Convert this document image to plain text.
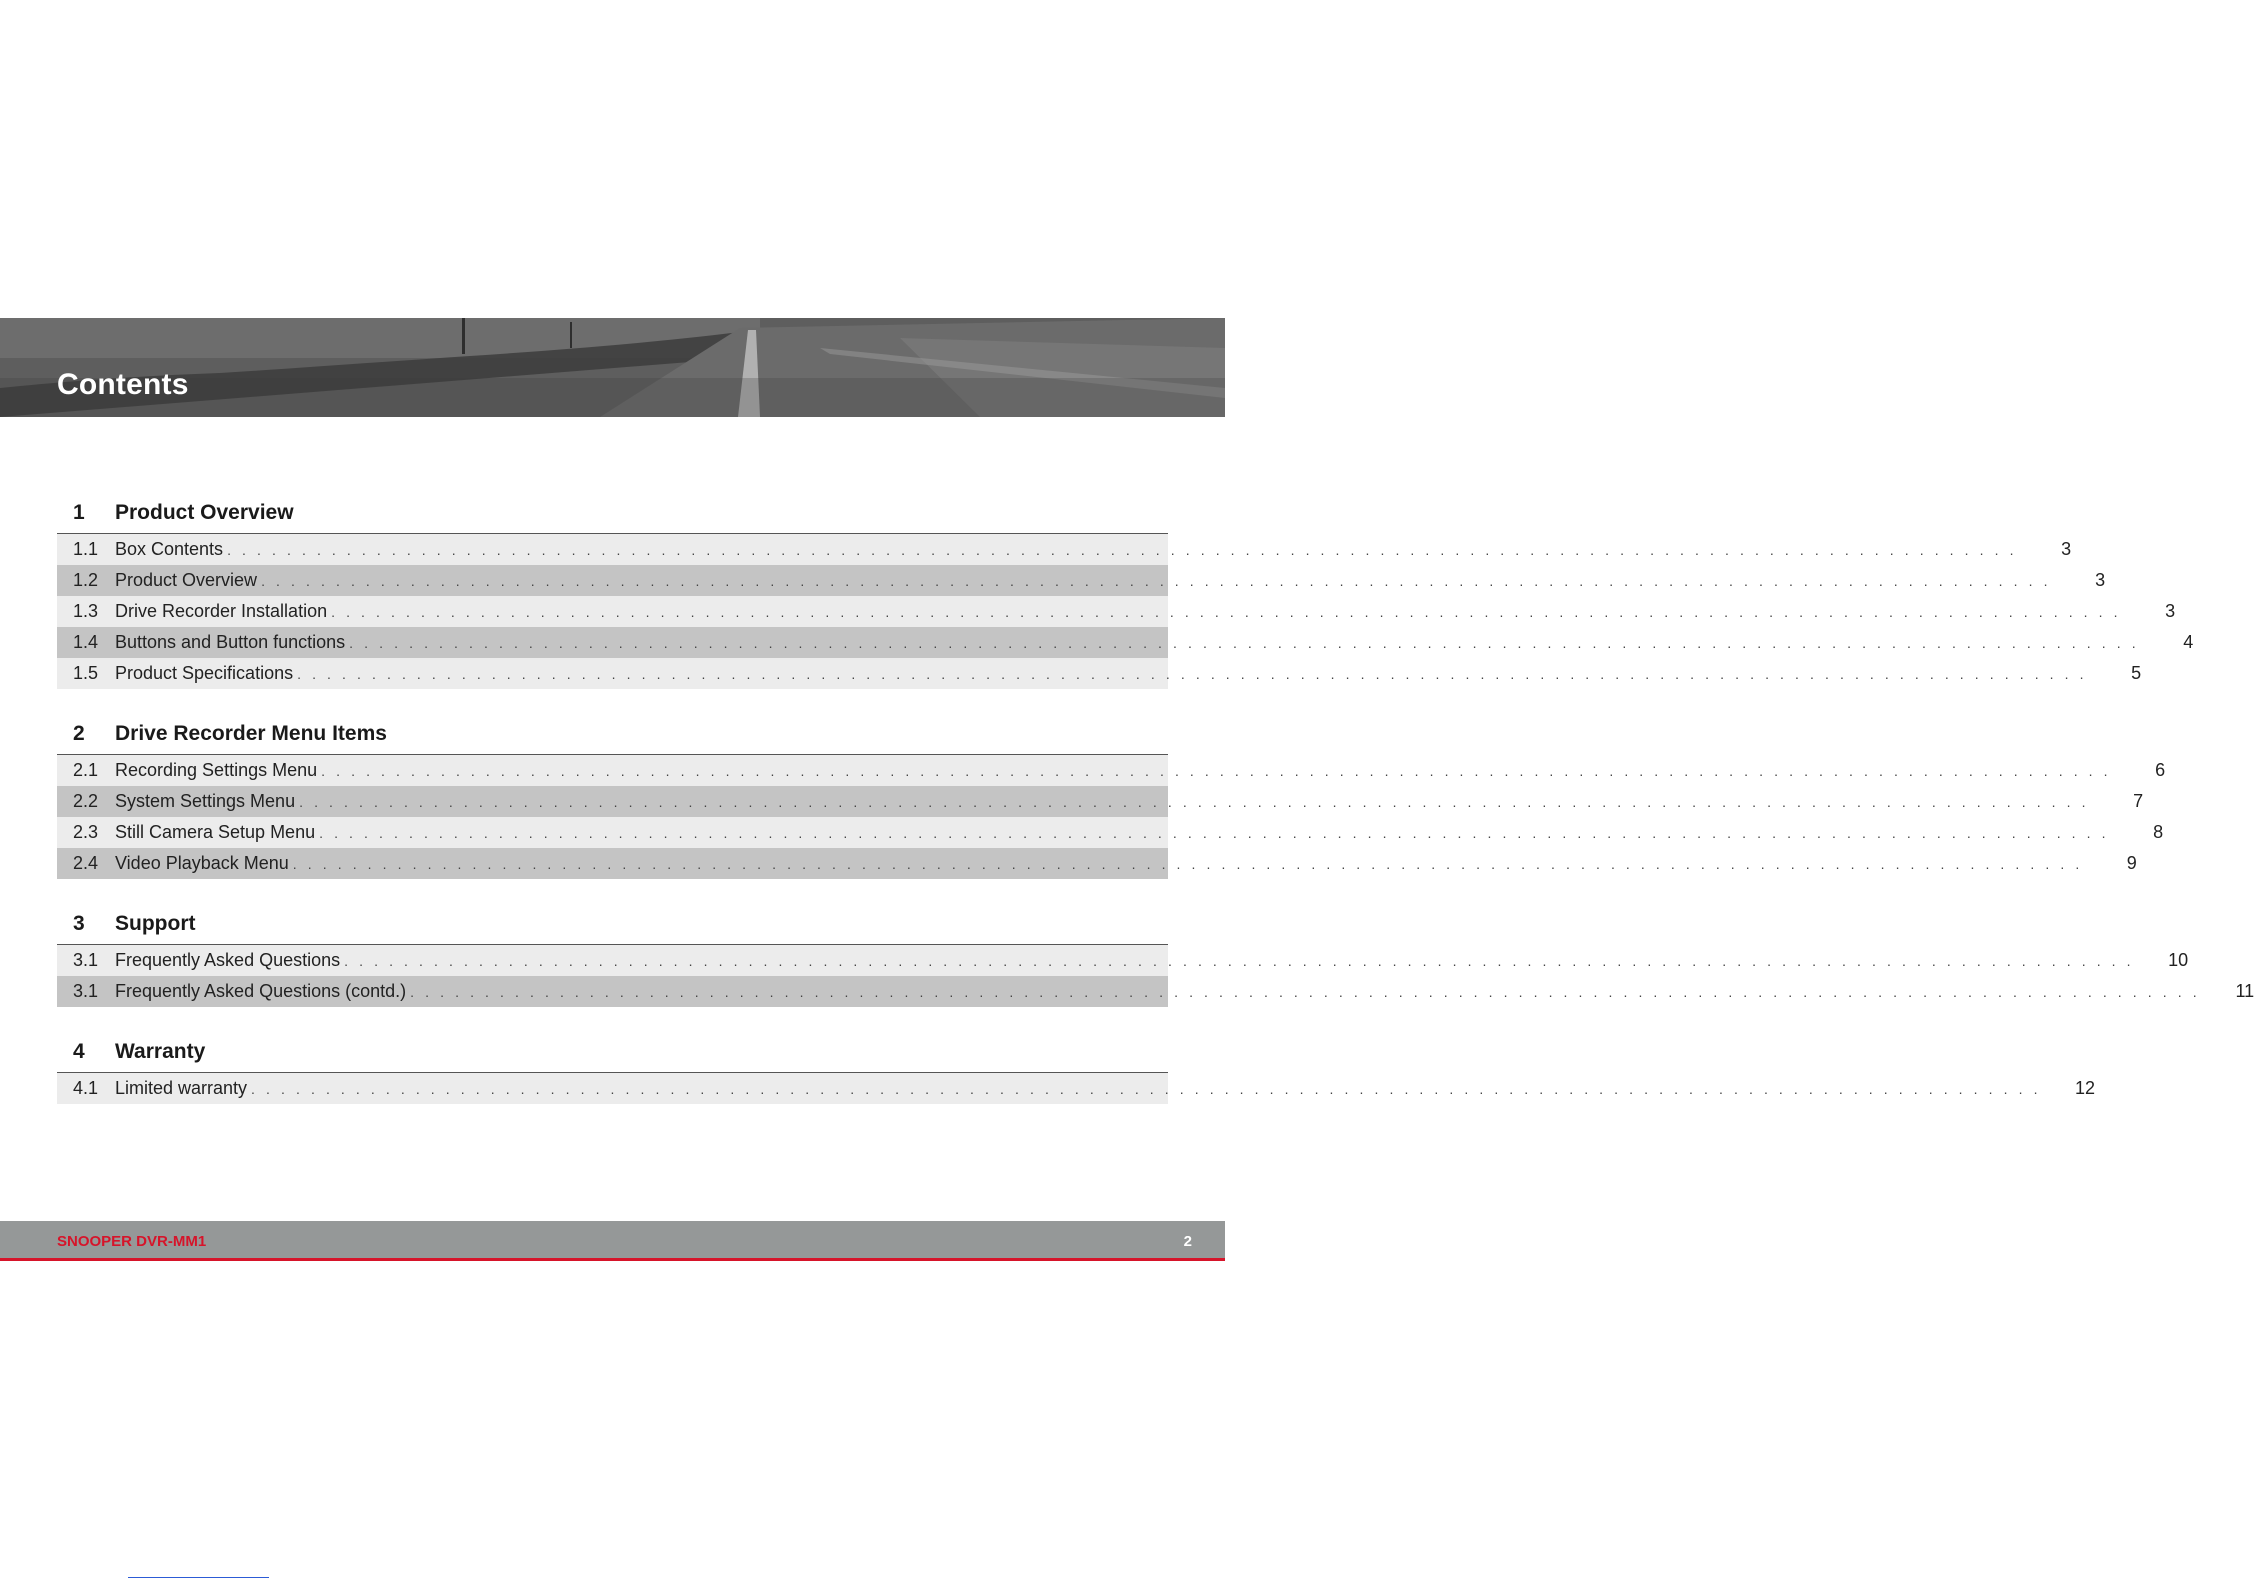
Contents
1	Product Overview
1.1 Box Contents . . . . . . . . . . . . . . . . . . . . . . . . . . . . . . . . . . . . . . . . . . . . . . . . . . . . . . . . . . . . . . . . . . . . . . . . . . . . . . . . . . . . . . . . . . . . . . . . . . . . . . . . . . . . . . . . . . . . . . . .	3
1.2 Product Overview . . . . . . . . . . . . . . . . . . . . . . . . . . . . . . . . . . . . . . . . . . . . . . . . . . . . . . . . . . . . . . . . . . . . . . . . . . . . . . . . . . . . . . . . . . . . . . . . . . . . . . . . . . . . . . . . . . . . . . . .	3
1.3 Drive Recorder Installation . . . . . . . . . . . . . . . . . . . . . . . . . . . . . . . . . . . . . . . . . . . . . . . . . . . . . . . . . . . . . . . . . . . . . . . . . . . . . . . . . . . . . . . . . . . . . . . . . . . . . . . . . . . . . . . . . . . . . . . .	3
1.4 Buttons and Button functions . . . . . . . . . . . . . . . . . . . . . . . . . . . . . . . . . . . . . . . . . . . . . . . . . . . . . . . . . . . . . . . . . . . . . . . . . . . . . . . . . . . . . . . . . . . . . . . . . . . . . . . . . . . . . . . . . . . . . . . .	4
1.5 Product Specifications . . . . . . . . . . . . . . . . . . . . . . . . . . . . . . . . . . . . . . . . . . . . . . . . . . . . . . . . . . . . . . . . . . . . . . . . . . . . . . . . . . . . . . . . . . . . . . . . . . . . . . . . . . . . . . . . . . . . . . . .	5
2	Drive Recorder Menu Items
2.1 Recording Settings Menu . . . . . . . . . . . . . . . . . . . . . . . . . . . . . . . . . . . . . . . . . . . . . . . . . . . . . . . . . . . . . . . . . . . . . . . . . . . . . . . . . . . . . . . . . . . . . . . . . . . . . . . . . . . . . . . . . . . . . . . .	6
2.2 System Settings Menu . . . . . . . . . . . . . . . . . . . . . . . . . . . . . . . . . . . . . . . . . . . . . . . . . . . . . . . . . . . . . . . . . . . . . . . . . . . . . . . . . . . . . . . . . . . . . . . . . . . . . . . . . . . . . . . . . . . . . . . .	7
2.3 Still Camera Setup Menu . . . . . . . . . . . . . . . . . . . . . . . . . . . . . . . . . . . . . . . . . . . . . . . . . . . . . . . . . . . . . . . . . . . . . . . . . . . . . . . . . . . . . . . . . . . . . . . . . . . . . . . . . . . . . . . . . . . . . . . .	8
2.4 Video Playback Menu . . . . . . . . . . . . . . . . . . . . . . . . . . . . . . . . . . . . . . . . . . . . . . . . . . . . . . . . . . . . . . . . . . . . . . . . . . . . . . . . . . . . . . . . . . . . . . . . . . . . . . . . . . . . . . . . . . . . . . . .	9
3	Support
3.1 Frequently Asked Questions . . . . . . . . . . . . . . . . . . . . . . . . . . . . . . . . . . . . . . . . . . . . . . . . . . . . . . . . . . . . . . . . . . . . . . . . . . . . . . . . . . . . . . . . . . . . . . . . . . . . . . . . . . . . . . . . . . . . . . . .	10
3.1 Frequently Asked Questions (contd.) . . . . . . . . . . . . . . . . . . . . . . . . . . . . . . . . . . . . . . . . . . . . . . . . . . . . . . . . . . . . . . . . . . . . . . . . . . . . . . . . . . . . . . . . . . . . . . . . . . . . . . . . . . . . . . . . . . . . . . . .	11
4	Warranty
4.1 Limited warranty . . . . . . . . . . . . . . . . . . . . . . . . . . . . . . . . . . . . . . . . . . . . . . . . . . . . . . . . . . . . . . . . . . . . . . . . . . . . . . . . . . . . . . . . . . . . . . . . . . . . . . . . . . . . . . . . . . . . . . . .	12
SNOOPER DVR-MM1	2
